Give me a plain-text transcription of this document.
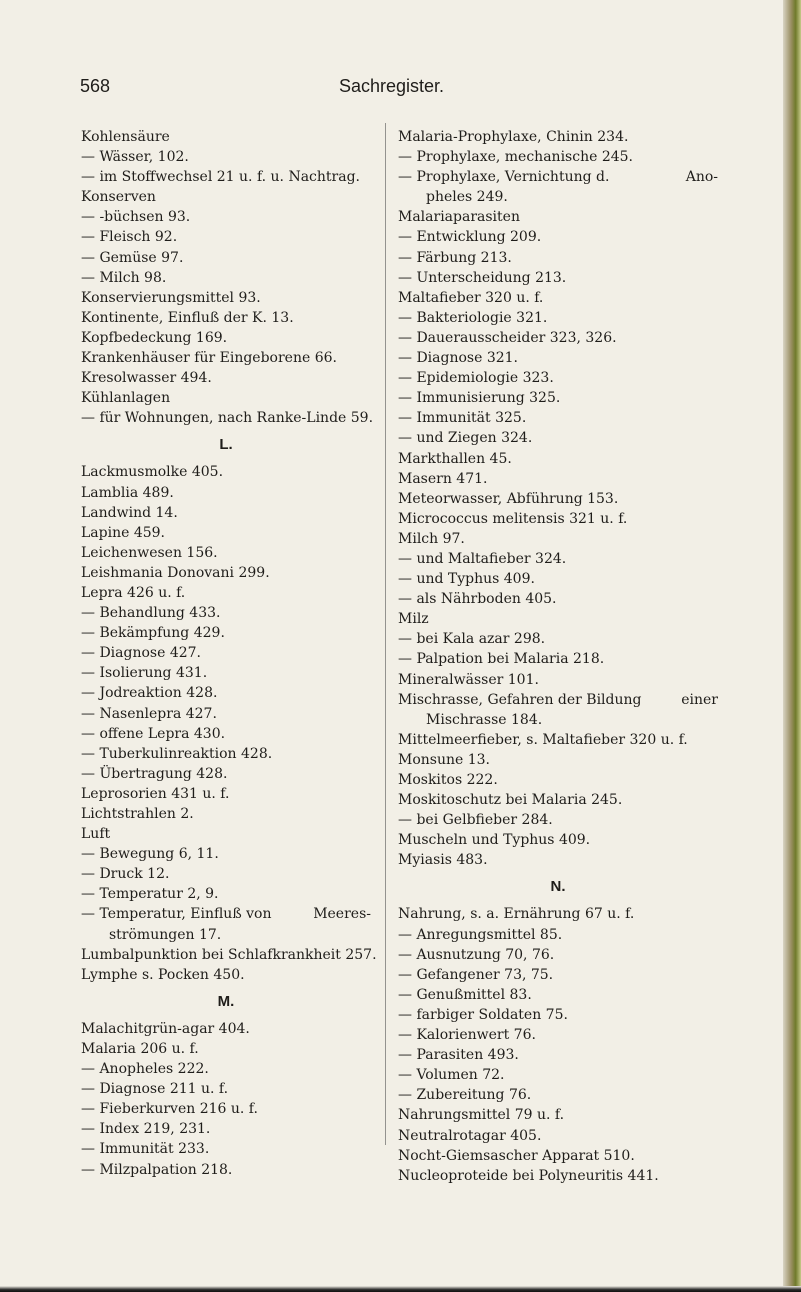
568	Sachregister.
Kohlensäure
— Wässer, 102.
— im Stoffwechsel 21 u. f. u. Nachtrag.
Konserven
— -büchsen 93.
— Fleisch 92.
— Gemüse 97.
— Milch 98.
Konservierungsmittel 93.
Kontinente, Einfluß der K. 13.
Kopfbedeckung 169.
Krankenhäuser für Eingeborene 66.
Kresolwasser 494.
Kühlanlagen
— für Wohnungen, nach Ranke-Linde 59.
L.
Lackmusmolke 405.
Lamblia 489.
Landwind 14.
Lapine 459.
Leichenwesen 156.
Leishmania Donovani 299.
Lepra 426 u. f.
— Behandlung 433.
— Bekämpfung 429.
— Diagnose 427.
— Isolierung 431.
— Jodreaktion 428.
— Nasenlepra 427.
— offene Lepra 430.
— Tuberkulinreaktion 428.
— Übertragung 428.
Leprosorien 431 u. f.
Lichtstrahlen 2.
Luft
— Bewegung 6, 11.
— Druck 12.
— Temperatur 2, 9.
— Temperatur, Einfluß von	Meeres-
strömungen 17.
Lumbalpunktion bei Schlafkrankheit 257.
Lymphe s. Pocken 450.
M.
Malachitgrün-agar 404.
Malaria 206 u. f.
— Anopheles 222.
— Diagnose 211 u. f.
— Fieberkurven 216 u. f.
— Index 219, 231.
— Immunität 233.
— Milzpalpation 218.
Malaria-Prophylaxe, Chinin 234.
— Prophylaxe, mechanische 245.
— Prophylaxe, Vernichtung d.	Ano-
pheles 249.
Malariaparasiten
— Entwicklung 209.
— Färbung 213.
— Unterscheidung 213.
Maltafieber 320 u. f.
— Bakteriologie 321.
— Dauerausscheider 323, 326.
— Diagnose 321.
— Epidemiologie 323.
— Immunisierung 325.
— Immunität 325.
— und Ziegen 324.
Markthallen 45.
Masern 471.
Meteorwasser, Abführung 153.
Micrococcus melitensis 321 u. f.
Milch 97.
— und Maltafieber 324.
— und Typhus 409.
— als Nährboden 405.
Milz
— bei Kala azar 298.
— Palpation bei Malaria 218.
Mineralwässer 101.
Mischrasse, Gefahren der Bildung	einer
Mischrasse 184.
Mittelmeerfieber, s. Maltafieber 320 u. f.
Monsune 13.
Moskitos 222.
Moskitoschutz bei Malaria 245.
— bei Gelbfieber 284.
Muscheln und Typhus 409.
Myiasis 483.
N.
Nahrung, s. a. Ernährung 67 u. f.
— Anregungsmittel 85.
— Ausnutzung 70, 76.
— Gefangener 73, 75.
— Genußmittel 83.
— farbiger Soldaten 75.
— Kalorienwert 76.
— Parasiten 493.
— Volumen 72.
— Zubereitung 76.
Nahrungsmittel 79 u. f.
Neutralrotagar 405.
Nocht-Giemsascher Apparat 510.
Nucleoproteide bei Polyneuritis 441.
